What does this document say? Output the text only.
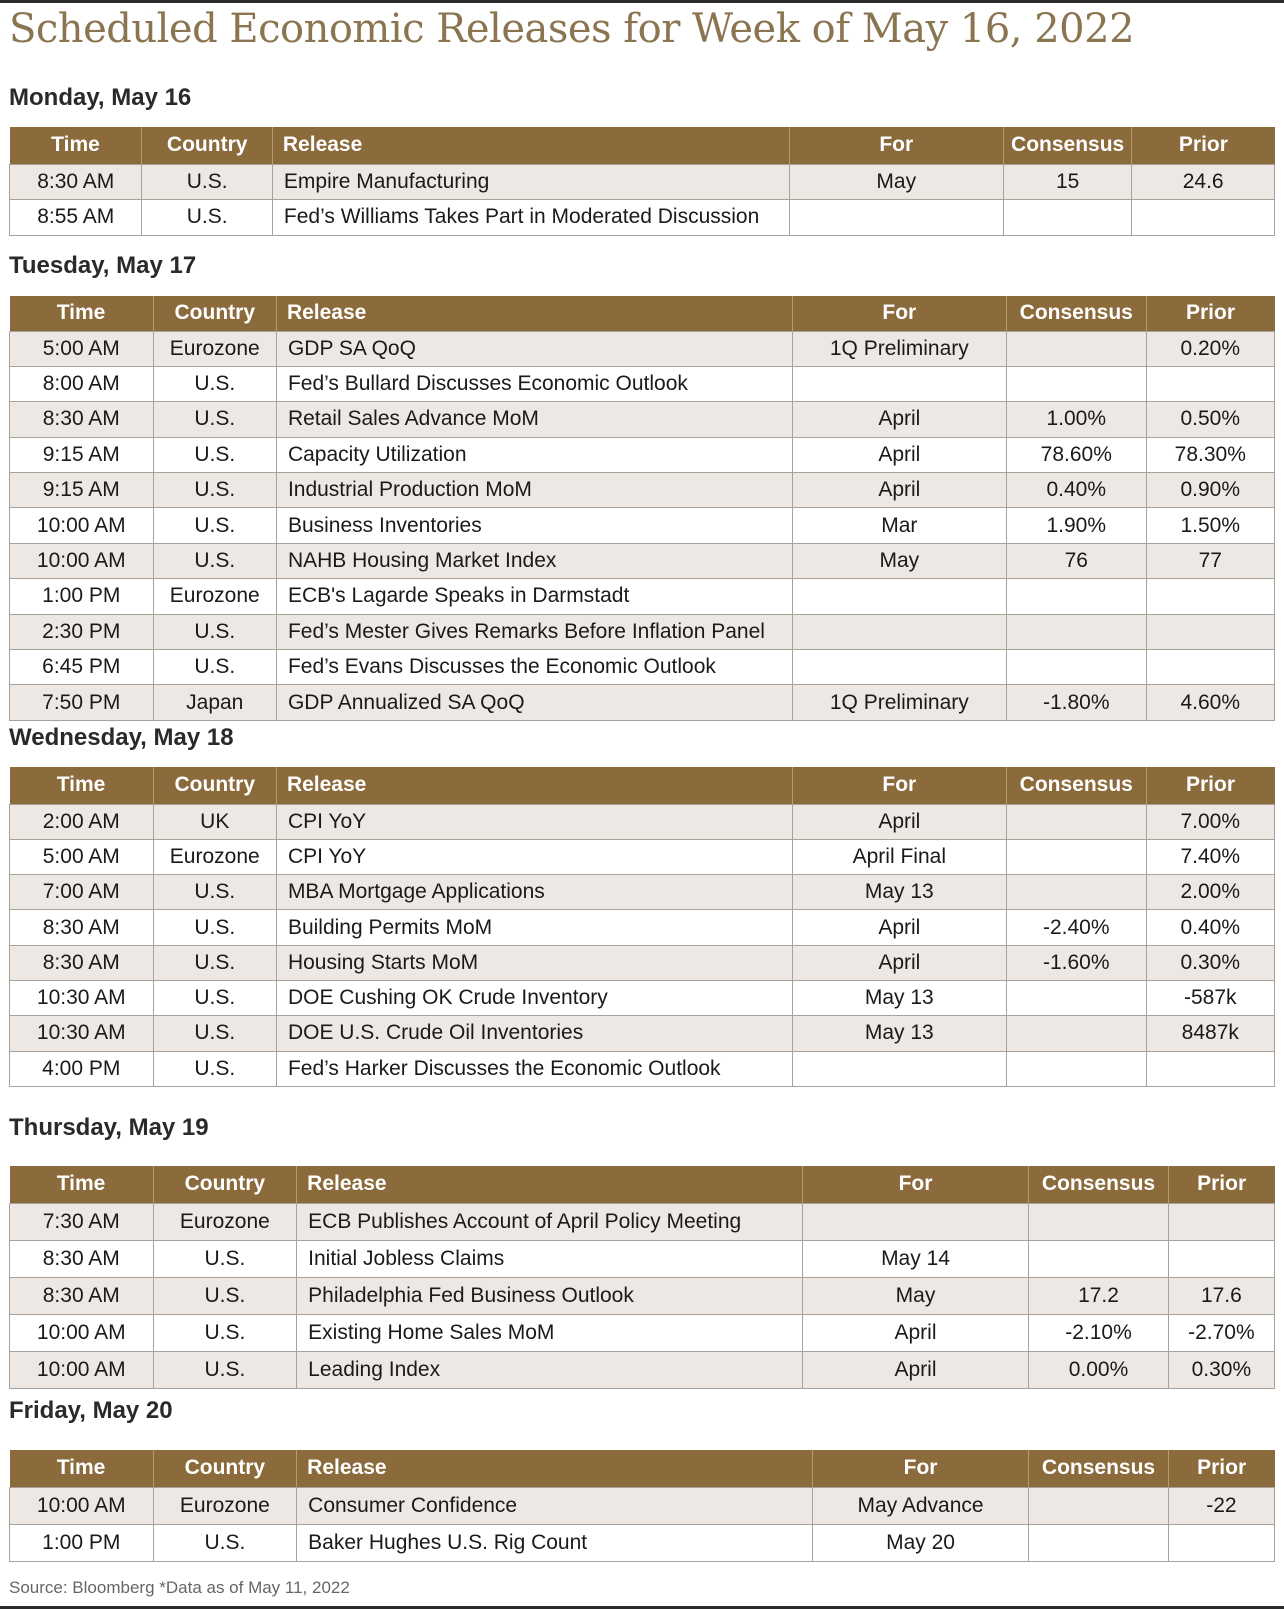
Scheduled Economic Releases for Week of May 16, 2022
Monday, May 16
Time	Country	Release	For	Consensus	Prior
8:30 AM	U.S.	Empire Manufacturing	May	15	24.6
8:55 AM	U.S.	Fed’s Williams Takes Part in Moderated Discussion			
Tuesday, May 17
Time	Country	Release	For	Consensus	Prior
5:00 AM	Eurozone	GDP SA QoQ	1Q Preliminary		0.20%
8:00 AM	U.S.	Fed’s Bullard Discusses Economic Outlook			
8:30 AM	U.S.	Retail Sales Advance MoM	April	1.00%	0.50%
9:15 AM	U.S.	Capacity Utilization	April	78.60%	78.30%
9:15 AM	U.S.	Industrial Production MoM	April	0.40%	0.90%
10:00 AM	U.S.	Business Inventories	Mar	1.90%	1.50%
10:00 AM	U.S.	NAHB Housing Market Index	May	76	77
1:00 PM	Eurozone	ECB's Lagarde Speaks in Darmstadt			
2:30 PM	U.S.	Fed’s Mester Gives Remarks Before Inflation Panel			
6:45 PM	U.S.	Fed’s Evans Discusses the Economic Outlook			
7:50 PM	Japan	GDP Annualized SA QoQ	1Q Preliminary	-1.80%	4.60%
Wednesday, May 18
Time	Country	Release	For	Consensus	Prior
2:00 AM	UK	CPI YoY	April		7.00%
5:00 AM	Eurozone	CPI YoY	April Final		7.40%
7:00 AM	U.S.	MBA Mortgage Applications	May 13		2.00%
8:30 AM	U.S.	Building Permits MoM	April	-2.40%	0.40%
8:30 AM	U.S.	Housing Starts MoM	April	-1.60%	0.30%
10:30 AM	U.S.	DOE Cushing OK Crude Inventory	May 13		-587k
10:30 AM	U.S.	DOE U.S. Crude Oil Inventories	May 13		8487k
4:00 PM	U.S.	Fed’s Harker Discusses the Economic Outlook			
Thursday, May 19
Time	Country	Release	For	Consensus	Prior
7:30 AM	Eurozone	ECB Publishes Account of April Policy Meeting			
8:30 AM	U.S.	Initial Jobless Claims	May 14		
8:30 AM	U.S.	Philadelphia Fed Business Outlook	May	17.2	17.6
10:00 AM	U.S.	Existing Home Sales MoM	April	-2.10%	-2.70%
10:00 AM	U.S.	Leading Index	April	0.00%	0.30%
Friday, May 20
Time	Country	Release	For	Consensus	Prior
10:00 AM	Eurozone	Consumer Confidence	May Advance		-22
1:00 PM	U.S.	Baker Hughes U.S. Rig Count	May 20		
Source: Bloomberg *Data as of May 11, 2022
